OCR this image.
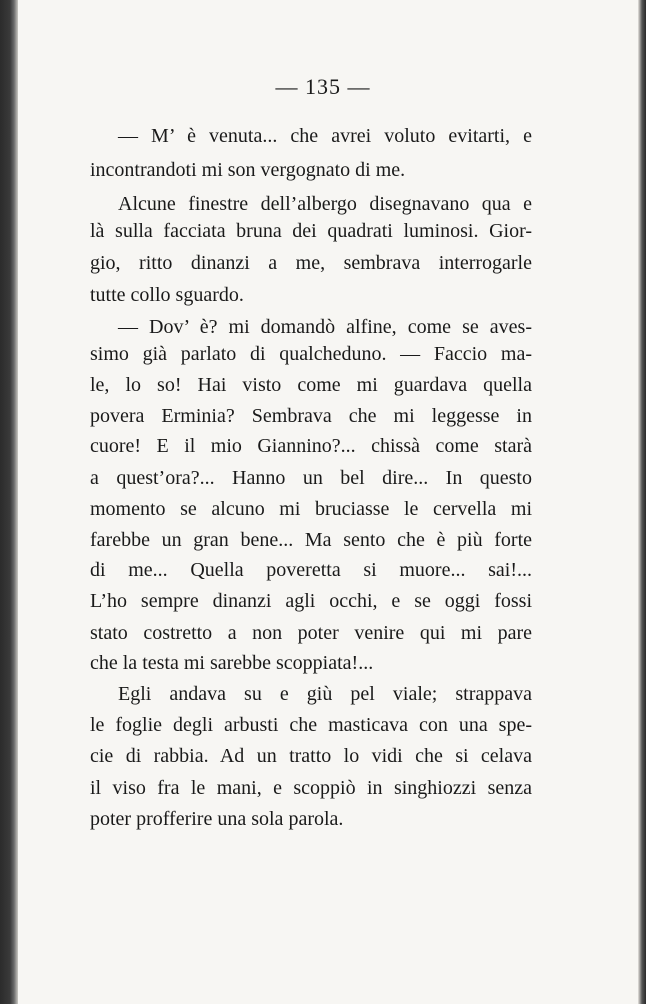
— 135 —
— M’ è venuta... che avrei voluto evitarti, e
incontrandoti mi son vergognato di me.
Alcune finestre dell’albergo disegnavano qua e
là sulla facciata bruna dei quadrati luminosi. Gior-
gio, ritto dinanzi a me, sembrava interrogarle
tutte collo sguardo.
— Dov’ è? mi domandò alfine, come se aves-
simo già parlato di qualcheduno. — Faccio ma-
le, lo so! Hai visto come mi guardava quella
povera Erminia? Sembrava che mi leggesse in
cuore! E il mio Giannino?... chissà come starà
a quest’ora?... Hanno un bel dire... In questo
momento se alcuno mi bruciasse le cervella mi
farebbe un gran bene... Ma sento che è più forte
di me... Quella poveretta si muore... sai!...
L’ho sempre dinanzi agli occhi, e se oggi fossi
stato costretto a non poter venire qui mi pare
che la testa mi sarebbe scoppiata!...
Egli andava su e giù pel viale; strappava
le foglie degli arbusti che masticava con una spe-
cie di rabbia. Ad un tratto lo vidi che si celava
il viso fra le mani, e scoppiò in singhiozzi senza
poter profferire una sola parola.
